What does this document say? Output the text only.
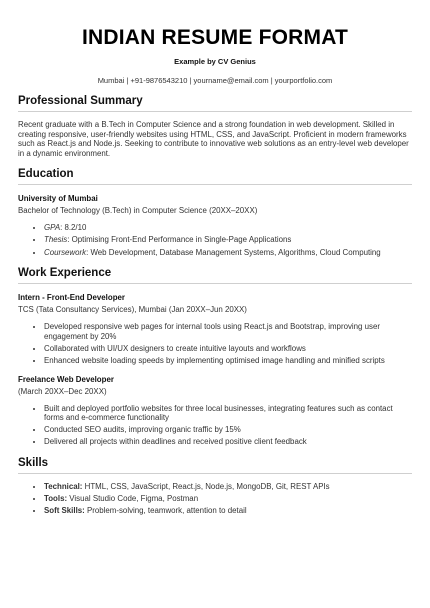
INDIAN RESUME FORMAT
Example by CV Genius
Mumbai | +91-9876543210 | yourname@email.com | yourportfolio.com
Professional Summary
Recent graduate with a B.Tech in Computer Science and a strong foundation in web development. Skilled in creating responsive, user-friendly websites using HTML, CSS, and JavaScript. Proficient in modern frameworks such as React.js and Node.js. Seeking to contribute to innovative web solutions as an entry-level web developer in a dynamic environment.
Education
University of Mumbai
Bachelor of Technology (B.Tech) in Computer Science (20XX–20XX)
• GPA: 8.2/10
• Thesis: Optimising Front-End Performance in Single-Page Applications
• Coursework: Web Development, Database Management Systems, Algorithms, Cloud Computing
Work Experience
Intern - Front-End Developer
TCS (Tata Consultancy Services), Mumbai (Jan 20XX–Jun 20XX)
• Developed responsive web pages for internal tools using React.js and Bootstrap, improving user engagement by 20%
• Collaborated with UI/UX designers to create intuitive layouts and workflows
• Enhanced website loading speeds by implementing optimised image handling and minified scripts
Freelance Web Developer
(March 20XX–Dec 20XX)
• Built and deployed portfolio websites for three local businesses, integrating features such as contact forms and e-commerce functionality
• Conducted SEO audits, improving organic traffic by 15%
• Delivered all projects within deadlines and received positive client feedback
Skills
• Technical: HTML, CSS, JavaScript, React.js, Node.js, MongoDB, Git, REST APIs
• Tools: Visual Studio Code, Figma, Postman
• Soft Skills: Problem-solving, teamwork, attention to detail
